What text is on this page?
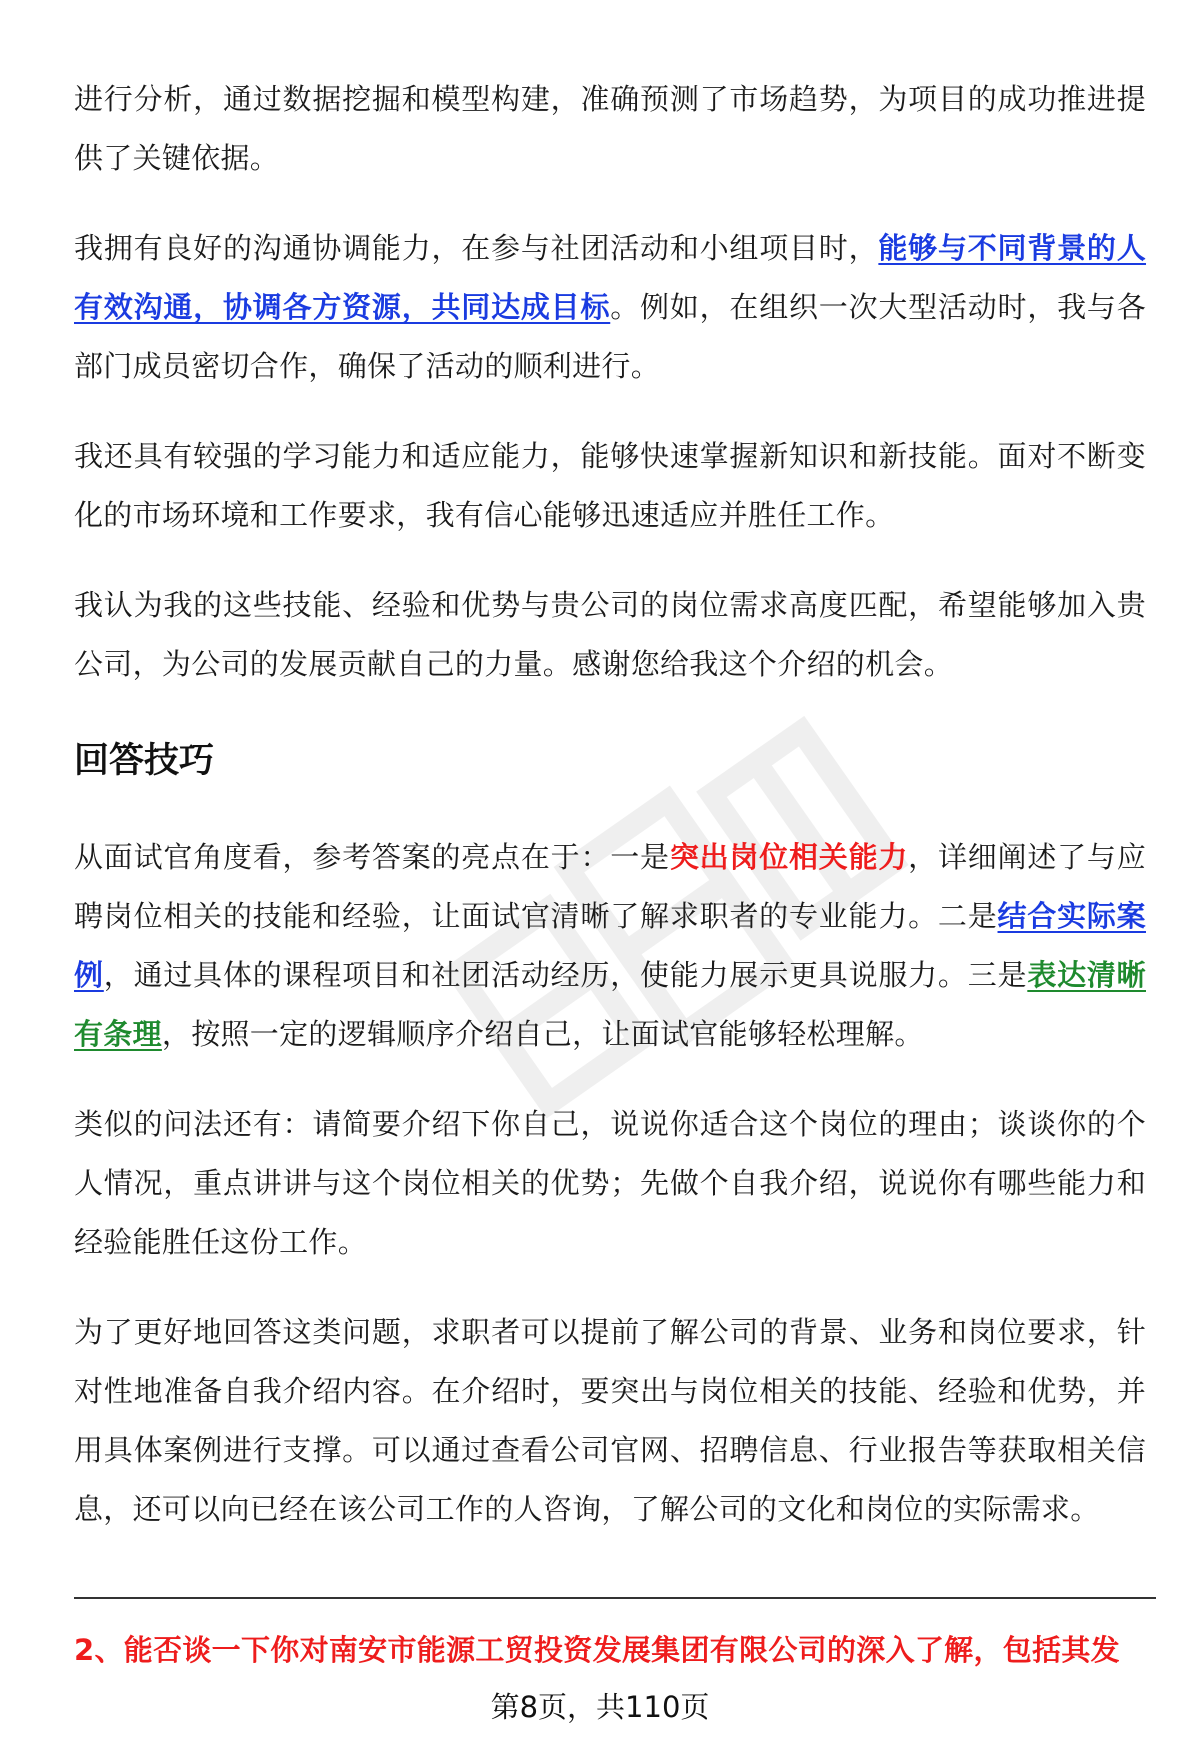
进行分析，通过数据挖掘和模型构建，准确预测了市场趋势，为项目的成功推进提供了关键依据。

我拥有良好的沟通协调能力，在参与社团活动和小组项目时，能够与不同背景的人有效沟通，协调各方资源，共同达成目标。例如，在组织一次大型活动时，我与各部门成员密切合作，确保了活动的顺利进行。

我还具有较强的学习能力和适应能力，能够快速掌握新知识和新技能。面对不断变化的市场环境和工作要求，我有信心能够迅速适应并胜任工作。

我认为我的这些技能、经验和优势与贵公司的岗位需求高度匹配，希望能够加入贵公司，为公司的发展贡献自己的力量。感谢您给我这个介绍的机会。

回答技巧

从面试官角度看，参考答案的亮点在于：一是突出岗位相关能力，详细阐述了与应聘岗位相关的技能和经验，让面试官清晰了解求职者的专业能力。二是结合实际案例，通过具体的课程项目和社团活动经历，使能力展示更具说服力。三是表达清晰有条理，按照一定的逻辑顺序介绍自己，让面试官能够轻松理解。

类似的问法还有：请简要介绍下你自己，说说你适合这个岗位的理由；谈谈你的个人情况，重点讲讲与这个岗位相关的优势；先做个自我介绍，说说你有哪些能力和经验能胜任这份工作。

为了更好地回答这类问题，求职者可以提前了解公司的背景、业务和岗位要求，针对性地准备自我介绍内容。在介绍时，要突出与岗位相关的技能、经验和优势，并用具体案例进行支撑。可以通过查看公司官网、招聘信息、行业报告等获取相关信息，还可以向已经在该公司工作的人咨询，了解公司的文化和岗位的实际需求。

2、能否谈一下你对南安市能源工贸投资发展集团有限公司的深入了解，包括其发
第8页，共110页
